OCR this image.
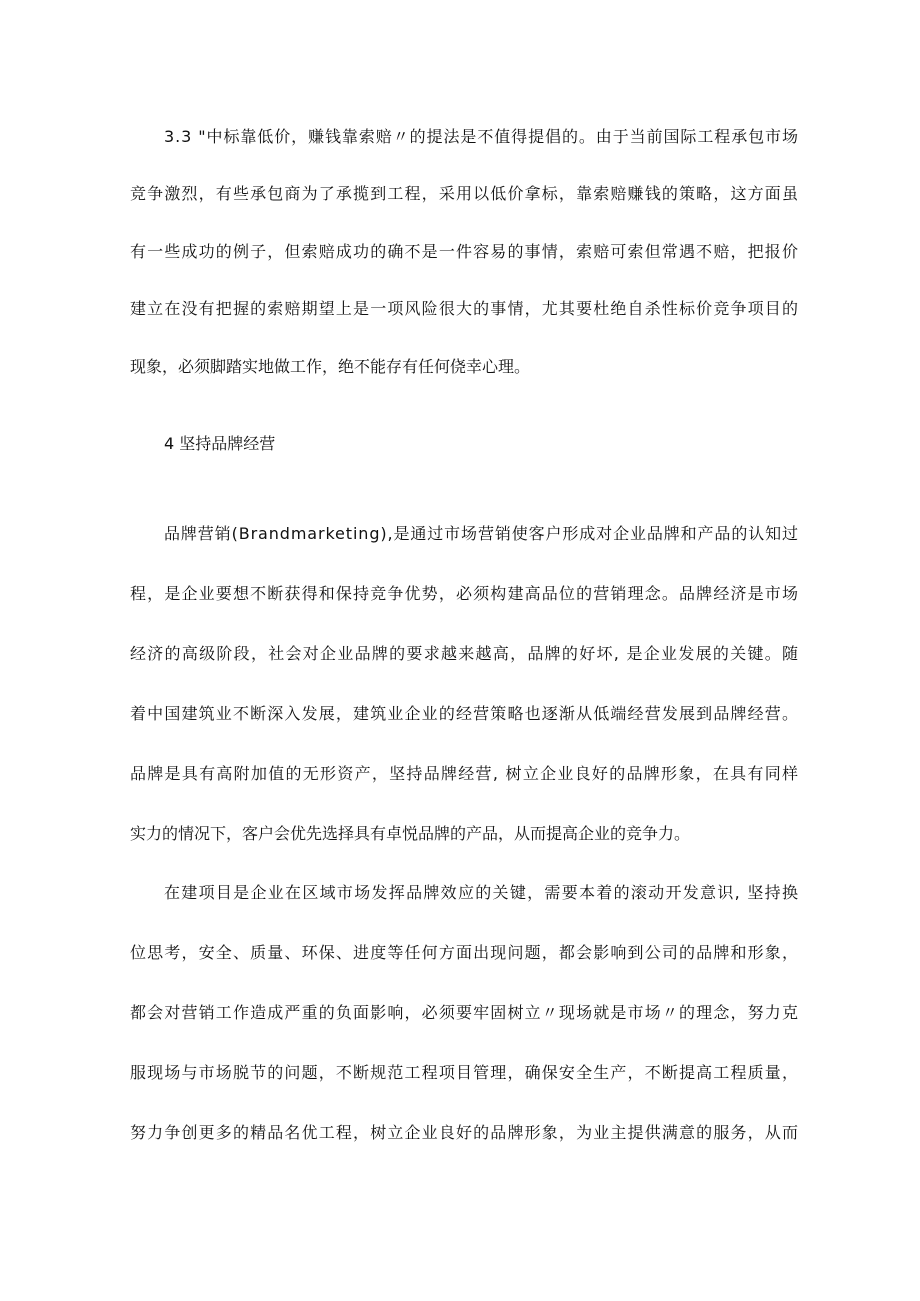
3.3 "中标靠低价，赚钱靠索赔〃的提法是不值得提倡的。由于当前国际工程承包市场
竞争激烈，有些承包商为了承揽到工程，采用以低价拿标，靠索赔赚钱的策略，这方面虽
有一些成功的例子，但索赔成功的确不是一件容易的事情，索赔可索但常遇不赔，把报价
建立在没有把握的索赔期望上是一项风险很大的事情，尤其要杜绝自杀性标价竞争项目的
现象，必须脚踏实地做工作，绝不能存有任何侥幸心理。
4 坚持品牌经营
品牌营销(Brandmarketing),是通过市场营销使客户形成对企业品牌和产品的认知过
程，是企业要想不断获得和保持竞争优势，必须构建高品位的营销理念。品牌经济是市场
经济的高级阶段，社会对企业品牌的要求越来越高，品牌的好坏, 是企业发展的关键。随
着中国建筑业不断深入发展，建筑业企业的经营策略也逐渐从低端经营发展到品牌经营。
品牌是具有高附加值的无形资产，坚持品牌经营, 树立企业良好的品牌形象，在具有同样
实力的情况下，客户会优先选择具有卓悦品牌的产品，从而提高企业的竞争力。
在建项目是企业在区域市场发挥品牌效应的关键，需要本着的滚动开发意识, 坚持换
位思考，安全、质量、环保、进度等任何方面出现问题，都会影响到公司的品牌和形象，
都会对营销工作造成严重的负面影响，必须要牢固树立〃现场就是市场〃的理念，努力克
服现场与市场脱节的问题，不断规范工程项目管理，确保安全生产，不断提高工程质量，
努力争创更多的精品名优工程，树立企业良好的品牌形象，为业主提供满意的服务，从而
